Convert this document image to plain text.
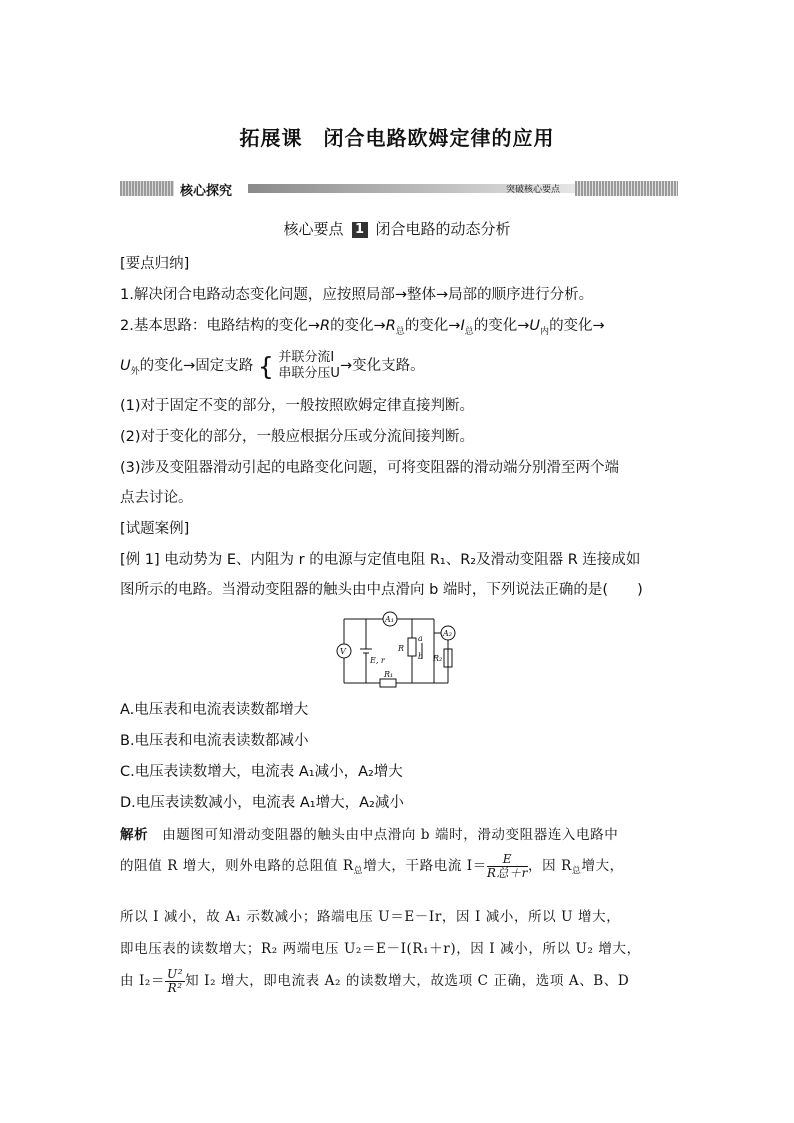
拓展课　闭合电路欧姆定律的应用
核心探究	突破核心要点
核心要点 1 闭合电路的动态分析
[要点归纳]
1.解决闭合电路动态变化问题，应按照局部→整体→局部的顺序进行分析。
2.基本思路：电路结构的变化→R的变化$\to R_总$的变化$\to I_总$的变化$\to U_内$的变化→
$U_外$的变化→固定支路 { 并联分流I
串联分压U →变化支路。
(1)对于固定不变的部分，一般按照欧姆定律直接判断。
(2)对于变化的部分，一般应根据分压或分流间接判断。
(3)涉及变阻器滑动引起的电路变化问题，可将变阻器的滑动端分别滑至两个端
点去讨论。
[试题案例]
[例 1] 电动势为 E、内阻为 r 的电源与定值电阻 R₁、R₂及滑动变阻器 R 连接成如
图所示的电路。当滑动变阻器的触头由中点滑向 b 端时，下列说法正确的是(　　)
V
A₁
A₂
E, r
R
a
b
R₁
R₂
A.电压表和电流表读数都增大
B.电压表和电流表读数都减小
C.电压表读数增大，电流表 A₁减小，A₂增大
D.电压表读数减小，电流表 A₁增大，A₂减小
解析 由题图可知滑动变阻器的触头由中点滑向 b 端时，滑动变阻器连入电路中
的阻值 R 增大，则外电路的总阻值 $R_总$增大，干路电流 $I= \frac{E}{\text{R总＋r}}$ ，因 $R_总$增大，
所以 I 减小，故 A₁ 示数减小；路端电压 U＝E－Ir，因 I 减小，所以 U 增大，
即电压表的读数增大；R₂ 两端电压 U₂＝E－I(R₁＋r)，因 I 减小，所以 U₂ 增大，
由 $I_2= \frac{\text{U²}}{\text{R²}}$ 知 I₂ 增大，即电流表 A₂ 的读数增大，故选项 C 正确，选项 A、B、D
